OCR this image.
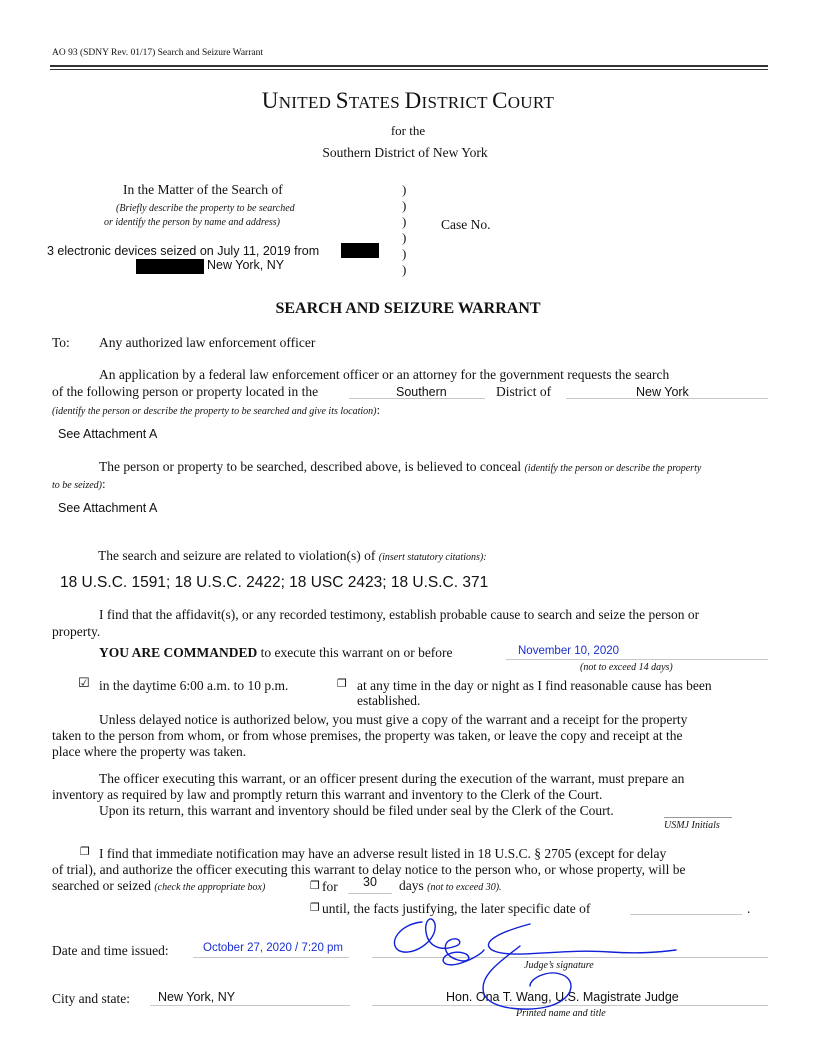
AO 93 (SDNY Rev. 01/17) Search and Seizure Warrant
UNITED STATES DISTRICT COURT
for the
Southern District of New York
In the Matter of the Search of
(Briefly describe the property to be searched
or identify the person by name and address)
3 electronic devices seized on July 11, 2019 from
New York, NY
)
)
)
)
)
)
Case No.
SEARCH AND SEIZURE WARRANT
To: Any authorized law enforcement officer
An application by a federal law enforcement officer or an attorney for the government requests the search
of the following person or property located in the	Southern	District of	New York
(identify the person or describe the property to be searched and give its location):
See Attachment A
The person or property to be searched, described above, is believed to conceal (identify the person or describe the property
to be seized):
See Attachment A
The search and seizure are related to violation(s) of (insert statutory citations):
18 U.S.C. 1591; 18 U.S.C. 2422; 18 USC 2423; 18 U.S.C. 371
I find that the affidavit(s), or any recorded testimony, establish probable cause to search and seize the person or
property.
YOU ARE COMMANDED to execute this warrant on or before	November 10, 2020
(not to exceed 14 days)
☑ in the daytime 6:00 a.m. to 10 p.m.	❐ at any time in the day or night as I find reasonable cause has been
established.
Unless delayed notice is authorized below, you must give a copy of the warrant and a receipt for the property
taken to the person from whom, or from whose premises, the property was taken, or leave the copy and receipt at the
place where the property was taken.
The officer executing this warrant, or an officer present during the execution of the warrant, must prepare an
inventory as required by law and promptly return this warrant and inventory to the Clerk of the Court.
Upon its return, this warrant and inventory should be filed under seal by the Clerk of the Court.
USMJ Initials
❐ I find that immediate notification may have an adverse result listed in 18 U.S.C. § 2705 (except for delay
of trial), and authorize the officer executing this warrant to delay notice to the person who, or whose property, will be
searched or seized (check the appropriate box)	❐ for 30 days (not to exceed 30).
❐ until, the facts justifying, the later specific date of	.
Date and time issued:	October 27, 2020 / 7:20 pm
Judge’s signature
City and state: New York, NY	Hon. Ona T. Wang, U.S. Magistrate Judge
Printed name and title
